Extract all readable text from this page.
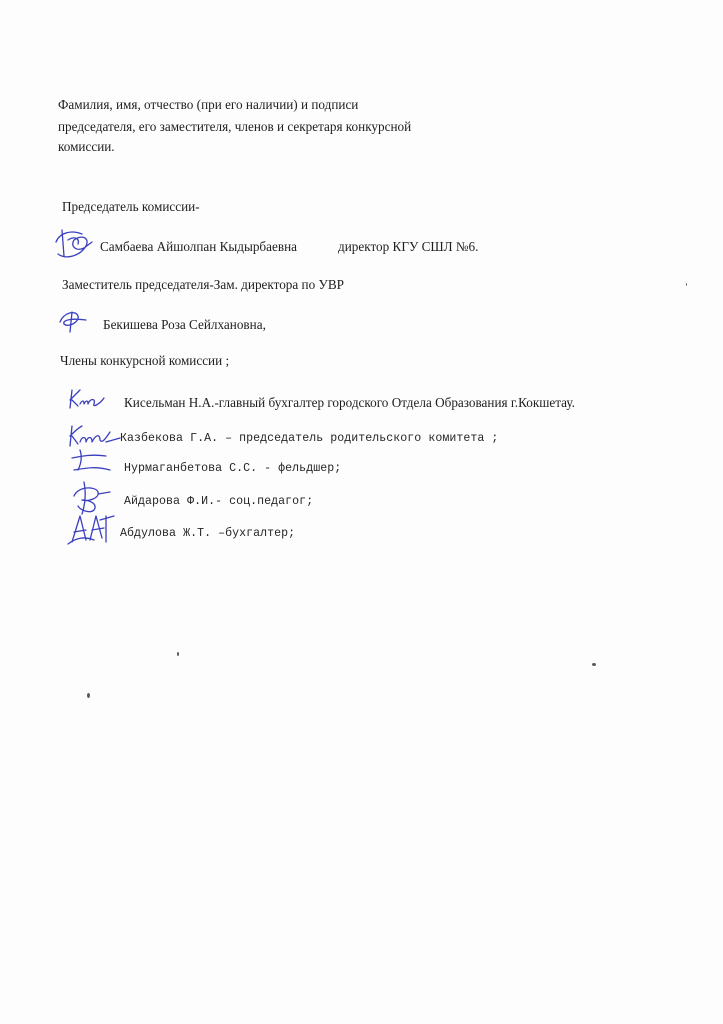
Фамилия, имя, отчество (при его наличии) и подписи
председателя, его заместителя, членов и секретаря конкурсной
комиссии.
Председатель комиссии-
Самбаева Айшолпан Кыдырбаевна	директор КГУ СШЛ №6.
Заместитель председателя-Зам. директора по УВР
Бекишева Роза Сейлхановна,
Члены конкурсной комиссии ;
Кисельман Н.А.-главный бухгалтер городского Отдела Образования г.Кокшетау.
Казбекова Г.А. – председатель родительского комитета ;
Нурмаганбетова С.С. - фельдшер;
Айдарова Ф.И.- соц.педагог;
Абдулова Ж.Т. –бухгалтер;
